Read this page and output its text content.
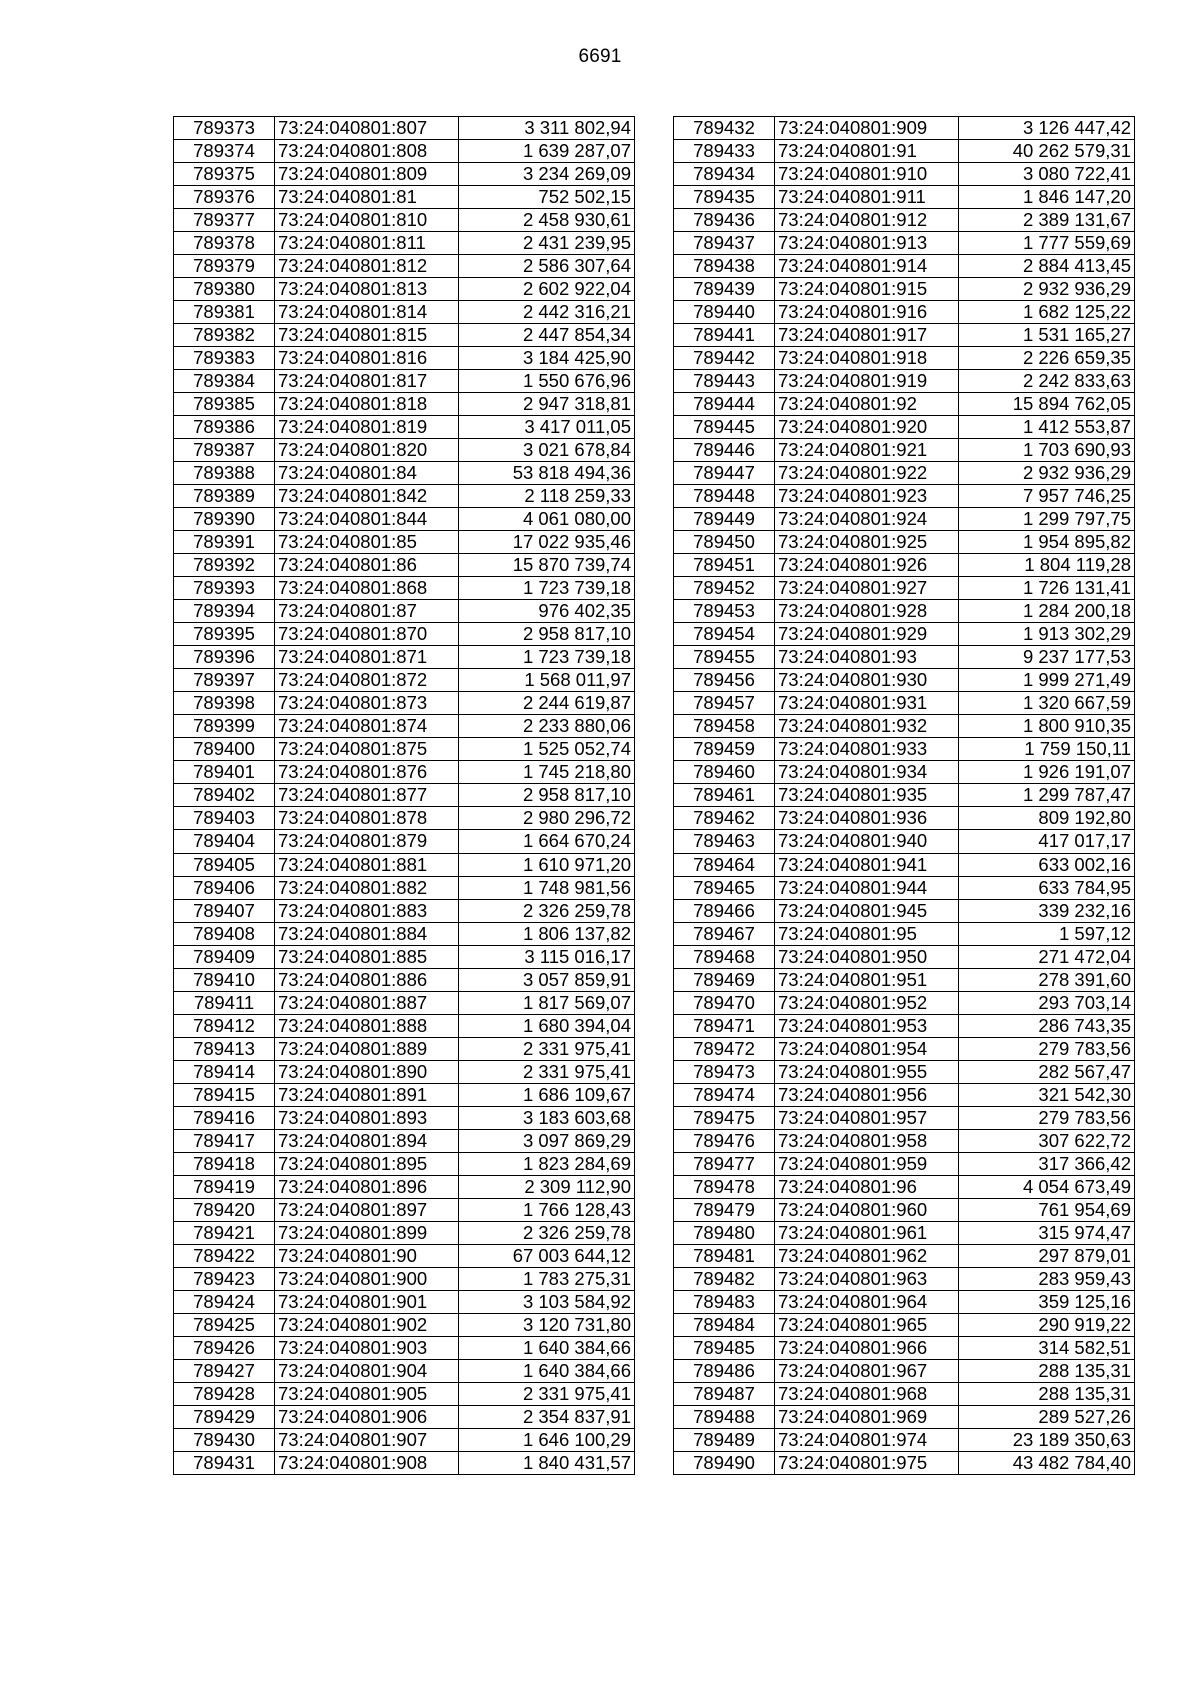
6691
789373	73:24:040801:807	3 311 802,94
789374	73:24:040801:808	1 639 287,07
789375	73:24:040801:809	3 234 269,09
789376	73:24:040801:81	752 502,15
789377	73:24:040801:810	2 458 930,61
789378	73:24:040801:811	2 431 239,95
789379	73:24:040801:812	2 586 307,64
789380	73:24:040801:813	2 602 922,04
789381	73:24:040801:814	2 442 316,21
789382	73:24:040801:815	2 447 854,34
789383	73:24:040801:816	3 184 425,90
789384	73:24:040801:817	1 550 676,96
789385	73:24:040801:818	2 947 318,81
789386	73:24:040801:819	3 417 011,05
789387	73:24:040801:820	3 021 678,84
789388	73:24:040801:84	53 818 494,36
789389	73:24:040801:842	2 118 259,33
789390	73:24:040801:844	4 061 080,00
789391	73:24:040801:85	17 022 935,46
789392	73:24:040801:86	15 870 739,74
789393	73:24:040801:868	1 723 739,18
789394	73:24:040801:87	976 402,35
789395	73:24:040801:870	2 958 817,10
789396	73:24:040801:871	1 723 739,18
789397	73:24:040801:872	1 568 011,97
789398	73:24:040801:873	2 244 619,87
789399	73:24:040801:874	2 233 880,06
789400	73:24:040801:875	1 525 052,74
789401	73:24:040801:876	1 745 218,80
789402	73:24:040801:877	2 958 817,10
789403	73:24:040801:878	2 980 296,72
789404	73:24:040801:879	1 664 670,24
789405	73:24:040801:881	1 610 971,20
789406	73:24:040801:882	1 748 981,56
789407	73:24:040801:883	2 326 259,78
789408	73:24:040801:884	1 806 137,82
789409	73:24:040801:885	3 115 016,17
789410	73:24:040801:886	3 057 859,91
789411	73:24:040801:887	1 817 569,07
789412	73:24:040801:888	1 680 394,04
789413	73:24:040801:889	2 331 975,41
789414	73:24:040801:890	2 331 975,41
789415	73:24:040801:891	1 686 109,67
789416	73:24:040801:893	3 183 603,68
789417	73:24:040801:894	3 097 869,29
789418	73:24:040801:895	1 823 284,69
789419	73:24:040801:896	2 309 112,90
789420	73:24:040801:897	1 766 128,43
789421	73:24:040801:899	2 326 259,78
789422	73:24:040801:90	67 003 644,12
789423	73:24:040801:900	1 783 275,31
789424	73:24:040801:901	3 103 584,92
789425	73:24:040801:902	3 120 731,80
789426	73:24:040801:903	1 640 384,66
789427	73:24:040801:904	1 640 384,66
789428	73:24:040801:905	2 331 975,41
789429	73:24:040801:906	2 354 837,91
789430	73:24:040801:907	1 646 100,29
789431	73:24:040801:908	1 840 431,57
789432	73:24:040801:909	3 126 447,42
789433	73:24:040801:91	40 262 579,31
789434	73:24:040801:910	3 080 722,41
789435	73:24:040801:911	1 846 147,20
789436	73:24:040801:912	2 389 131,67
789437	73:24:040801:913	1 777 559,69
789438	73:24:040801:914	2 884 413,45
789439	73:24:040801:915	2 932 936,29
789440	73:24:040801:916	1 682 125,22
789441	73:24:040801:917	1 531 165,27
789442	73:24:040801:918	2 226 659,35
789443	73:24:040801:919	2 242 833,63
789444	73:24:040801:92	15 894 762,05
789445	73:24:040801:920	1 412 553,87
789446	73:24:040801:921	1 703 690,93
789447	73:24:040801:922	2 932 936,29
789448	73:24:040801:923	7 957 746,25
789449	73:24:040801:924	1 299 797,75
789450	73:24:040801:925	1 954 895,82
789451	73:24:040801:926	1 804 119,28
789452	73:24:040801:927	1 726 131,41
789453	73:24:040801:928	1 284 200,18
789454	73:24:040801:929	1 913 302,29
789455	73:24:040801:93	9 237 177,53
789456	73:24:040801:930	1 999 271,49
789457	73:24:040801:931	1 320 667,59
789458	73:24:040801:932	1 800 910,35
789459	73:24:040801:933	1 759 150,11
789460	73:24:040801:934	1 926 191,07
789461	73:24:040801:935	1 299 787,47
789462	73:24:040801:936	809 192,80
789463	73:24:040801:940	417 017,17
789464	73:24:040801:941	633 002,16
789465	73:24:040801:944	633 784,95
789466	73:24:040801:945	339 232,16
789467	73:24:040801:95	1 597,12
789468	73:24:040801:950	271 472,04
789469	73:24:040801:951	278 391,60
789470	73:24:040801:952	293 703,14
789471	73:24:040801:953	286 743,35
789472	73:24:040801:954	279 783,56
789473	73:24:040801:955	282 567,47
789474	73:24:040801:956	321 542,30
789475	73:24:040801:957	279 783,56
789476	73:24:040801:958	307 622,72
789477	73:24:040801:959	317 366,42
789478	73:24:040801:96	4 054 673,49
789479	73:24:040801:960	761 954,69
789480	73:24:040801:961	315 974,47
789481	73:24:040801:962	297 879,01
789482	73:24:040801:963	283 959,43
789483	73:24:040801:964	359 125,16
789484	73:24:040801:965	290 919,22
789485	73:24:040801:966	314 582,51
789486	73:24:040801:967	288 135,31
789487	73:24:040801:968	288 135,31
789488	73:24:040801:969	289 527,26
789489	73:24:040801:974	23 189 350,63
789490	73:24:040801:975	43 482 784,40
